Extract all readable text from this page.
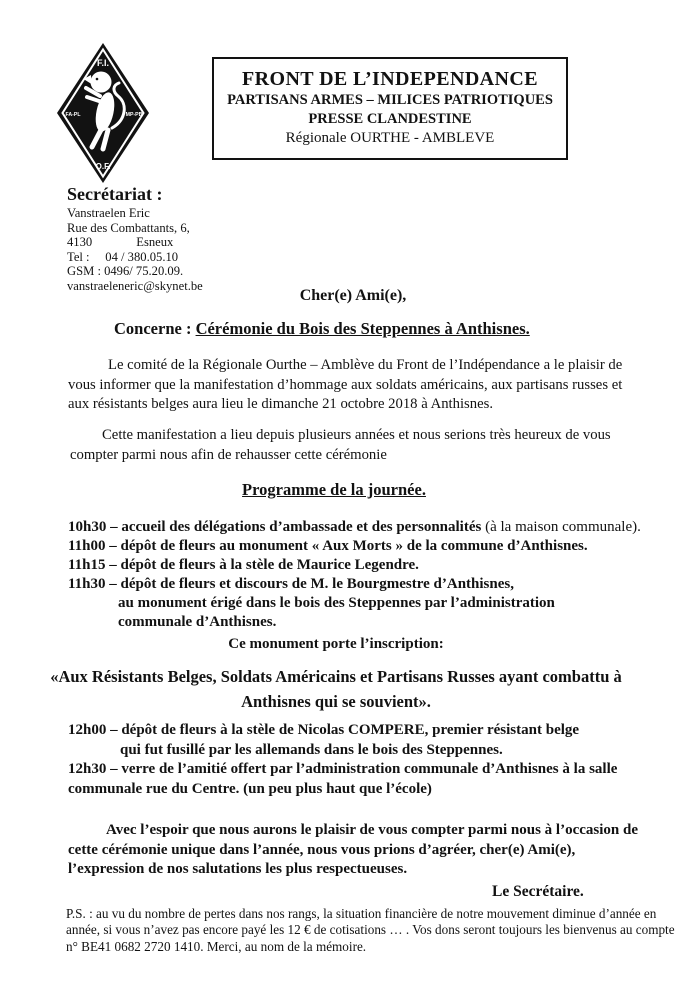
F.I.
FA-PL	MP-PB
O.F.
FRONT DE L’INDEPENDANCE
PARTISANS ARMES – MILICES PATRIOTIQUES
PRESSE CLANDESTINE
Régionale OURTHE - AMBLEVE
Secrétariat :
Vanstraelen Eric
Rue des Combattants, 6,
4130              Esneux
Tel :     04 / 380.05.10
GSM : 0496/ 75.20.09.
vanstraeleneric@skynet.be
Cher(e) Ami(e),
Concerne : Cérémonie du Bois des Steppennes à Anthisnes.
Le comité de la Régionale Ourthe – Amblève du Front de l’Indépendance a le plaisir de vous informer que la manifestation d’hommage aux soldats américains, aux partisans russes et aux résistants belges aura lieu le dimanche 21 octobre 2018 à Anthisnes.
Cette manifestation a lieu depuis plusieurs années et nous serions très heureux de vous compter parmi nous afin de rehausser cette cérémonie
Programme de la journée.
10h30 – accueil des délégations d’ambassade et des personnalités (à la maison communale).
11h00 – dépôt de fleurs au monument « Aux Morts » de la commune d’Anthisnes.
11h15 – dépôt de fleurs à la stèle de Maurice Legendre.
11h30 – dépôt de fleurs et discours de M. le Bourgmestre d’Anthisnes,
au monument érigé dans le bois des Steppennes par l’administration
communale d’Anthisnes.
Ce monument porte l’inscription:
«Aux Résistants Belges, Soldats Américains et Partisans Russes ayant combattu à Anthisnes qui se souvient».
12h00 – dépôt de fleurs à la stèle de Nicolas COMPERE, premier résistant belge
qui fut fusillé par les allemands dans le bois des Steppennes.
12h30 – verre de l’amitié offert par l’administration communale d’Anthisnes à la salle
communale rue du Centre. (un peu plus haut que l’école)
Avec l’espoir que nous aurons le plaisir de vous compter parmi nous à l’occasion de cette cérémonie unique dans l’année, nous vous prions d’agréer, cher(e) Ami(e), l’expression de nos salutations les plus respectueuses.
Le Secrétaire.
P.S. : au vu du nombre de pertes dans nos rangs, la situation financière de notre mouvement diminue d’année en année, si vous n’avez pas encore payé les 12 € de cotisations … . Vos dons seront toujours les bienvenus au compte n° BE41 0682 2720 1410. Merci, au nom de la mémoire.
